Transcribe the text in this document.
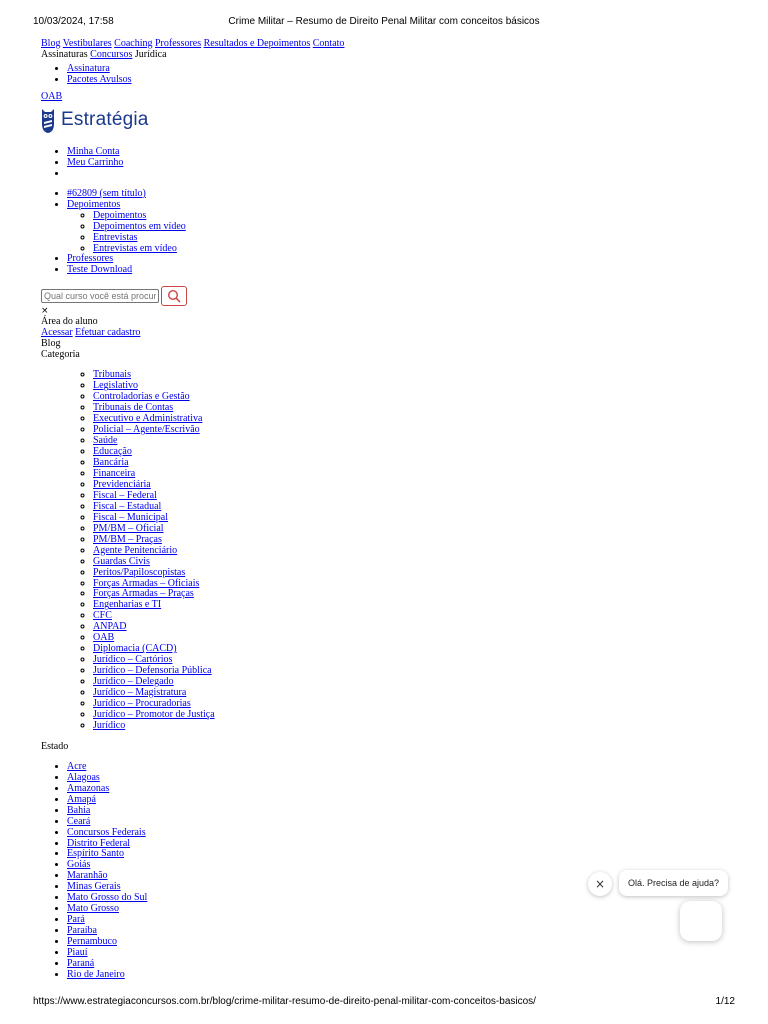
10/03/2024, 17:58	Crime Militar – Resumo de Direito Penal Militar com conceitos básicos
Blog Vestibulares Coaching Professores Resultados e Depoimentos Contato
Assinaturas Concursos Jurídica
• Assinatura
• Pacotes Avulsos
OAB
Estratégia
• Minha Conta
• Meu Carrinho
•
• #62809 (sem título)
• Depoimentos
◦ Depoimentos
◦ Depoimentos em vídeo
◦ Entrevistas
◦ Entrevistas em vídeo
• Professores
• Teste Download
Qual curso você está procurando?
×
Área do aluno
Acessar Efetuar cadastro
Blog
Categoria
◦ Tribunais
◦ Legislativo
◦ Controladorias e Gestão
◦ Tribunais de Contas
◦ Executivo e Administrativa
◦ Policial – Agente/Escrivão
◦ Saúde
◦ Educação
◦ Bancária
◦ Financeira
◦ Previdenciária
◦ Fiscal – Federal
◦ Fiscal – Estadual
◦ Fiscal – Municipal
◦ PM/BM – Oficial
◦ PM/BM – Praças
◦ Agente Penitenciário
◦ Guardas Civis
◦ Peritos/Papiloscopistas
◦ Forças Armadas – Oficiais
◦ Forças Armadas – Praças
◦ Engenharias e TI
◦ CFC
◦ ANPAD
◦ OAB
◦ Diplomacia (CACD)
◦ Jurídico – Cartórios
◦ Jurídico – Defensoria Pública
◦ Jurídico – Delegado
◦ Jurídico – Magistratura
◦ Jurídico – Procuradorias
◦ Jurídico – Promotor de Justiça
◦ Jurídico
Estado
• Acre
• Alagoas
• Amazonas
• Amapá
• Bahia
• Ceará
• Concursos Federais
• Distrito Federal
• Espírito Santo
• Goiás
• Maranhão
• Minas Gerais
• Mato Grosso do Sul
• Mato Grosso
• Pará
• Paraíba
• Pernambuco
• Piauí
• Paraná
• Rio de Janeiro
×	Olá. Precisa de ajuda?
https://www.estrategiaconcursos.com.br/blog/crime-militar-resumo-de-direito-penal-militar-com-conceitos-basicos/	1/12
